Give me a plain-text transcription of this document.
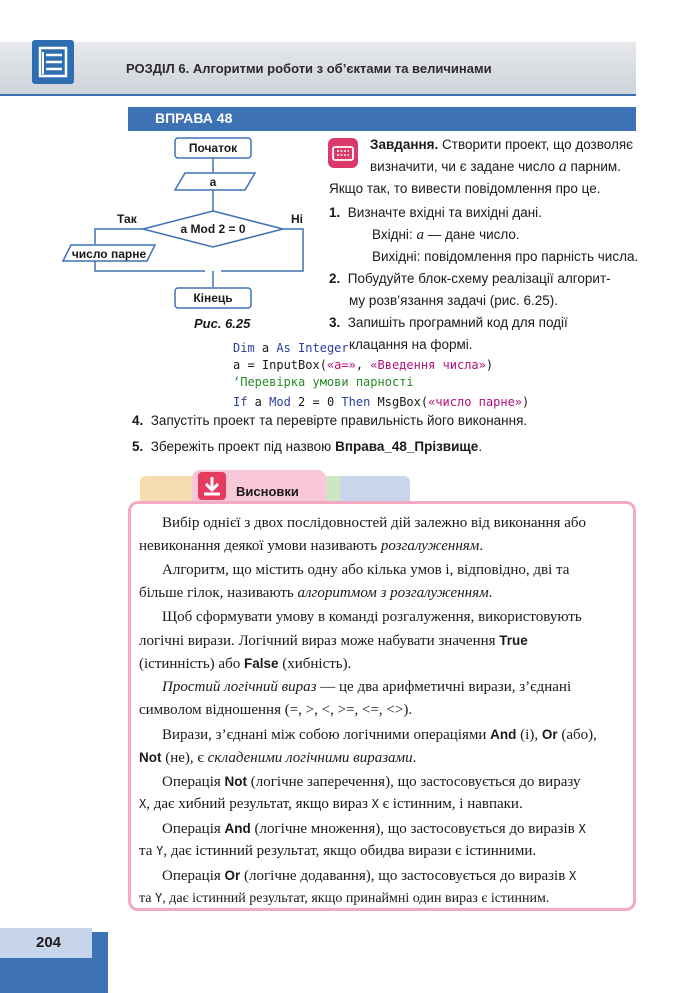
РОЗДІЛ 6. Алгоритми роботи з об’єктами та величинами
ВПРАВА 48
Початок
a
a Mod 2 = 0
Так	Ні
число парне
Кінець
Рис. 6.25
Завдання. Створити проект, що дозволяє
визначити, чи є задане число a парним.
Якщо так, то вивести повідомлення про це.
1. Визначте вхідні та вихідні дані.
Вхідні: a — дане число.
Вихідні: повідомлення про парність числа.
2. Побудуйте блок-схему реалізації алгорит-
му розв’язання задачі (рис. 6.25).
3. Запишіть програмний код для події
клацання на формі.
Dim a As Integer
a = InputBox(«a=», «Введення числа»)
‘Перевірка умови парності
If a Mod 2 = 0 Then MsgBox(«число парне»)
4. Запустіть проект та перевірте правильність його виконання.
5. Збережіть проект під назвою Вправа_48_Прізвище.
Висновки
Вибір однієї з двох послідовностей дій залежно від виконання або
невиконання деякої умови називають розгалуженням.
Алгоритм, що містить одну або кілька умов і, відповідно, дві та
більше гілок, називають алгоритмом з розгалуженням.
Щоб сформувати умову в команді розгалуження, використовують
логічні вирази. Логічний вираз може набувати значення True
(істинність) або False (хибність).
Простий логічний вираз — це два арифметичні вирази, з’єднані
символом відношення (=, >, <, >=, <=, <>).
Вирази, з’єднані між собою логічними операціями And (і), Or (або),
Not (не), є складеними логічними виразами.
Операція Not (логічне заперечення), що застосовується до виразу
X, дає хибний результат, якщо вираз X є істинним, і навпаки.
Операція And (логічне множення), що застосовується до виразів X
та Y, дає істинний результат, якщо обидва вирази є істинними.
Операція Or (логічне додавання), що застосовується до виразів X
та Y, дає істинний результат, якщо принаймні один вираз є істинним.
204
